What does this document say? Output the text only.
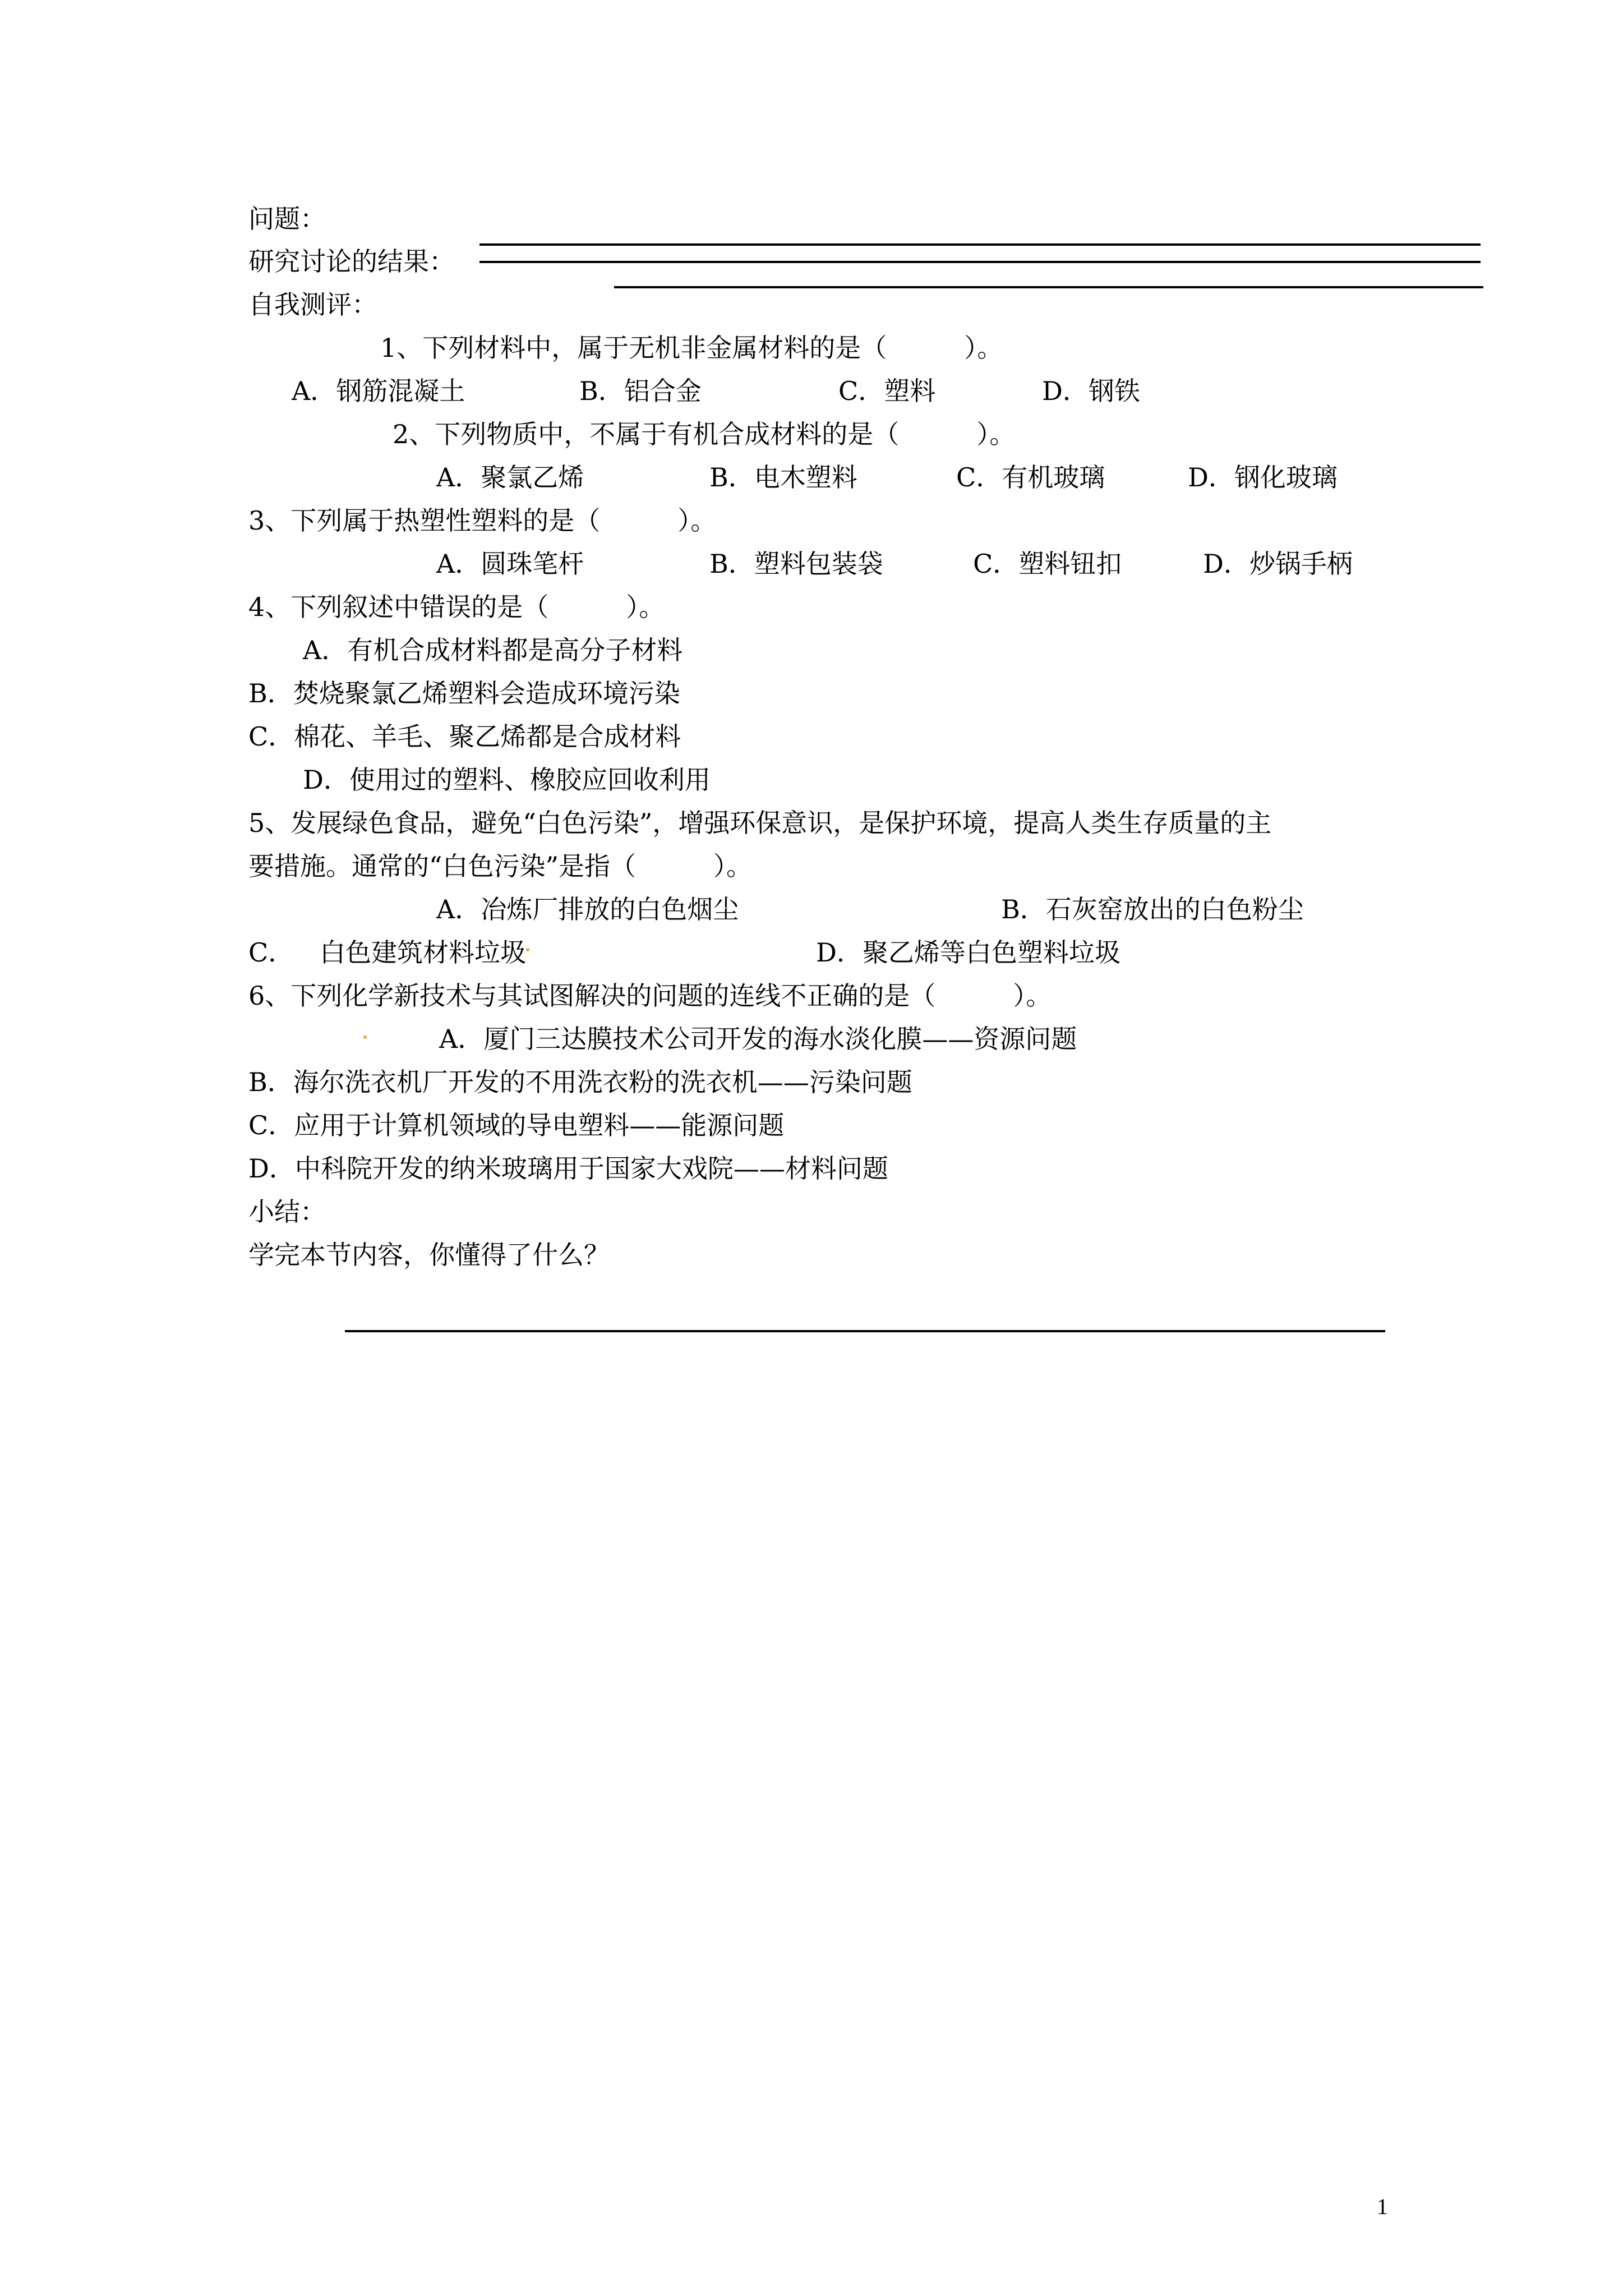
问题：
研究讨论的结果：
自我测评：
1、下列材料中，属于无机非金属材料的是（　　　）。
A．钢筋混凝土	B．铝合金	C．塑料	D．钢铁
2、下列物质中，不属于有机合成材料的是（　　　）。
A．聚氯乙烯	B．电木塑料	C．有机玻璃	D．钢化玻璃
3、下列属于热塑性塑料的是（　　　）。
A．圆珠笔杆	B．塑料包装袋	C．塑料钮扣	D．炒锅手柄
4、下列叙述中错误的是（　　　）。
A．有机合成材料都是高分子材料
B．焚烧聚氯乙烯塑料会造成环境污染
C．棉花、羊毛、聚乙烯都是合成材料
D．使用过的塑料、橡胶应回收利用
5、发展绿色食品，避免“白色污染”，增强环保意识，是保护环境，提高人类生存质量的主
要措施。通常的“白色污染”是指（　　　）。
A．冶炼厂排放的白色烟尘	B．石灰窑放出的白色粉尘
C． 白色建筑材料垃圾	D．聚乙烯等白色塑料垃圾
6、下列化学新技术与其试图解决的问题的连线不正确的是（　　　）。
A．厦门三达膜技术公司开发的海水淡化膜——资源问题
B．海尔洗衣机厂开发的不用洗衣粉的洗衣机——污染问题
C．应用于计算机领域的导电塑料——能源问题
D．中科院开发的纳米玻璃用于国家大戏院——材料问题
小结：
学完本节内容，你懂得了什么？
1
